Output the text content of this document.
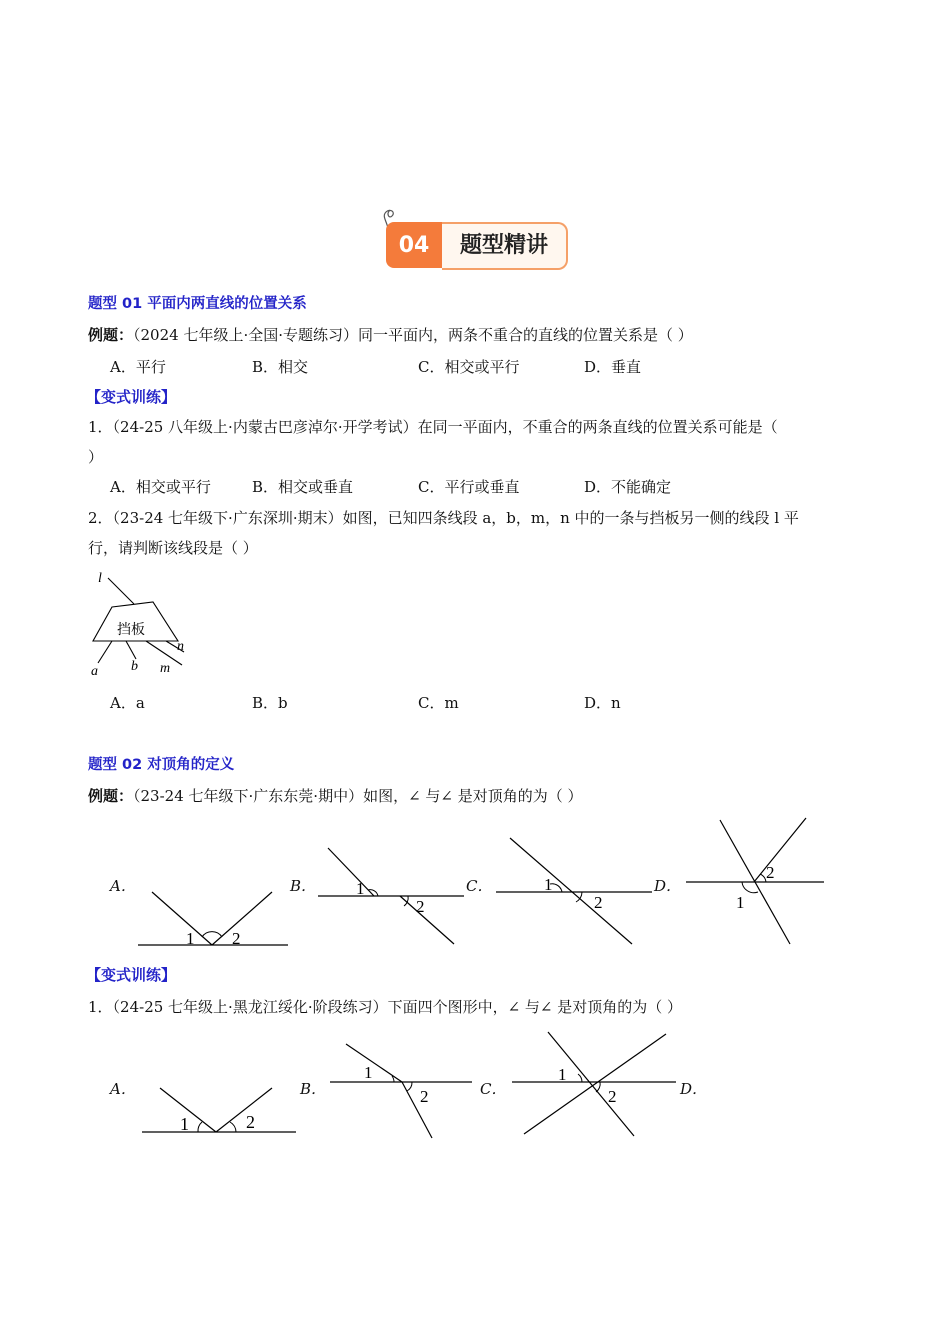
04	题型精讲
题型 01 平面内两直线的位置关系
例题：（2024 七年级上·全国·专题练习）同一平面内，两条不重合的直线的位置关系是（ ）
A．平行	B．相交	C．相交或平行	D．垂直
【变式训练】
1．（24-25 八年级上·内蒙古巴彦淖尔·开学考试）在同一平面内，不重合的两条直线的位置关系可能是（
）
A．相交或平行	B．相交或垂直	C．平行或垂直	D．不能确定
2．（23-24 七年级下·广东深圳·期末）如图，已知四条线段 a，b，m，n 中的一条与挡板另一侧的线段 l 平
行，请判断该线段是（ ）
挡板
l
a b m
n
A．a	B．b	C．m	D．n
题型 02 对顶角的定义
例题：（23-24 七年级下·广东东莞·期中）如图，∠ 与∠ 是对顶角的为（ ）
A．
1 2
B． 1
2
C．	1
2
D．
2
1
【变式训练】
1．（24-25 七年级上·黑龙江绥化·阶段练习）下面四个图形中，∠ 与∠ 是对顶角的为（ ）
A．
1	2
B．
1
2	C．
1
2	D．
